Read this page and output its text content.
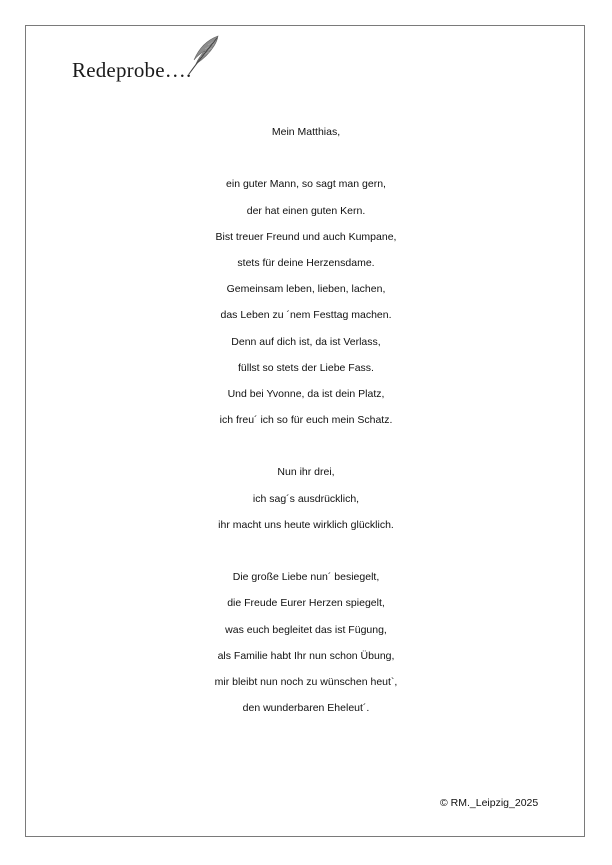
Redeprobe….
Mein Matthias,
ein guter Mann, so sagt man gern,
der hat einen guten Kern.
Bist treuer Freund und auch Kumpane,
stets für deine Herzensdame.
Gemeinsam leben, lieben, lachen,
das Leben zu ´nem Festtag machen.
Denn auf dich ist, da ist Verlass,
füllst so stets der Liebe Fass.
Und bei Yvonne, da ist dein Platz,
ich freu´ ich so für euch mein Schatz.
Nun ihr drei,
ich sag´s ausdrücklich,
ihr macht uns heute wirklich glücklich.
Die große Liebe nun´ besiegelt,
die Freude Eurer Herzen spiegelt,
was euch begleitet das ist Fügung,
als Familie habt Ihr nun schon Übung,
mir bleibt nun noch zu wünschen heut`,
den wunderbaren Eheleut´.
© RM._Leipzig_2025
